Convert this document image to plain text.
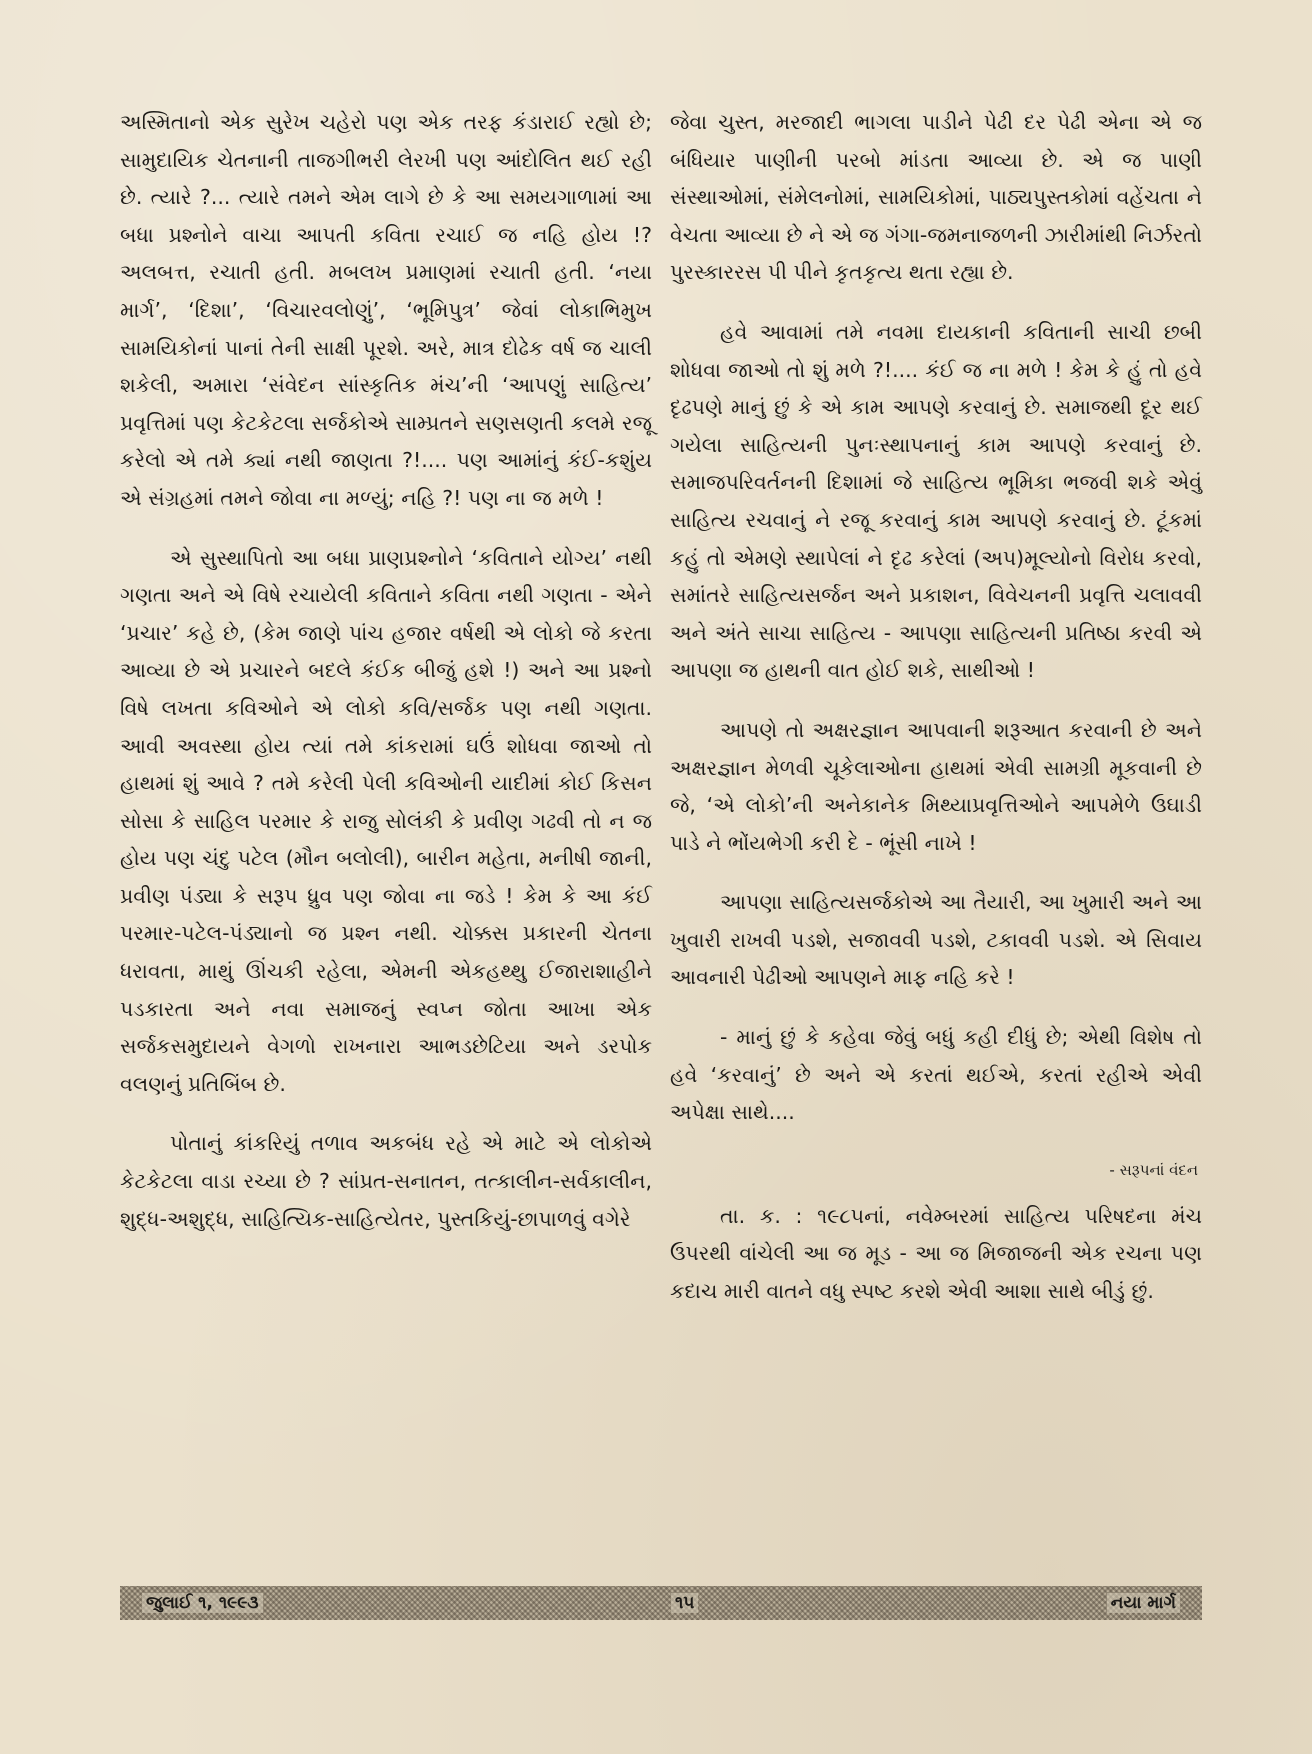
અસ્મિતાનો એક સુરેખ ચહેરો પણ એક તરફ કંડારાઈ રહ્યો છે; સામુદાયિક ચેતનાની તાજગીભરી લેરખી પણ આંદોલિત થઈ રહી છે. ત્યારે ?... ત્યારે તમને એમ લાગે છે કે આ સમયગાળામાં આ બધા પ્રશ્નોને વાચા આપતી કવિતા રચાઈ જ નહિ હોય !? અલબત્ત, રચાતી હતી. મબલખ પ્રમાણમાં રચાતી હતી. ‘નયા માર્ગ’, ‘દિશા’, ‘વિચારવલોણું’, ‘ભૂમિપુત્ર’ જેવાં લોકાભિમુખ સામયિકોનાં પાનાં તેની સાક્ષી પૂરશે. અરે, માત્ર દોઢેક વર્ષ જ ચાલી શકેલી, અમારા ‘સંવેદન સાંસ્કૃતિક મંચ’ની ‘આપણું સાહિત્ય’ પ્રવૃત્તિમાં પણ કેટકેટલા સર્જકોએ સામ્પ્રતને સણસણતી કલમે રજૂ કરેલો એ તમે ક્યાં નથી જાણતા ?!.... પણ આમાંનું કંઈ-કશુંય એ સંગ્રહમાં તમને જોવા ના મળ્યું; નહિ ?! પણ ના જ મળે !

એ સુસ્થાપિતો આ બધા પ્રાણપ્રશ્નોને ‘કવિતાને યોગ્ય’ નથી ગણતા અને એ વિષે રચાયેલી કવિતાને કવિતા નથી ગણતા - એને ‘પ્રચાર’ કહે છે, (કેમ જાણે પાંચ હજાર વર્ષથી એ લોકો જે કરતા આવ્યા છે એ પ્રચારને બદલે કંઈક બીજું હશે !) અને આ પ્રશ્નો વિષે લખતા કવિઓને એ લોકો કવિ/સર્જક પણ નથી ગણતા. આવી અવસ્થા હોય ત્યાં તમે કાંકરામાં ઘઉં શોધવા જાઓ તો હાથમાં શું આવે ? તમે કરેલી પેલી કવિઓની યાદીમાં કોઈ કિસન સોસા કે સાહિલ પરમાર કે રાજુ સોલંકી કે પ્રવીણ ગઢવી તો ન જ હોય પણ ચંદુ પટેલ (મૌન બલોલી), બારીન મહેતા, મનીષી જાની, પ્રવીણ પંડ્યા કે સરૂપ ધ્રુવ પણ જોવા ના જડે ! કેમ કે આ કંઈ પરમાર-પટેલ-પંડ્યાનો જ પ્રશ્ન નથી. ચોક્કસ પ્રકારની ચેતના ધરાવતા, માથું ઊંચકી રહેલા, એમની એકહથ્થુ ઈજારાશાહીને પડકારતા અને નવા સમાજનું સ્વપ્ન જોતા આખા એક સર્જકસમુદાયને વેગળો રાખનારા આભડછેટિયા અને ડરપોક વલણનું પ્રતિબિંબ છે.

પોતાનું કાંકરિયું તળાવ અકબંધ રહે એ માટે એ લોકોએ કેટકેટલા વાડા રચ્યા છે ? સાંપ્રત-સનાતન, તત્કાલીન-સર્વકાલીન, શુદ્ધ-અશુદ્ધ, સાહિત્યિક-સાહિત્યેતર, પુસ્તકિયું-છાપાળવું વગેરે

જેવા ચુસ્ત, મરજાદી ભાગલા પાડીને પેઢી દર પેઢી એના એ જ બંધિયાર પાણીની પરબો માંડતા આવ્યા છે. એ જ પાણી સંસ્થાઓમાં, સંમેલનોમાં, સામયિકોમાં, પાઠ્યપુસ્તકોમાં વહેંચતા ને વેચતા આવ્યા છે ને એ જ ગંગા-જમનાજળની ઝારીમાંથી નિર્ઝરતો પુરસ્કારરસ પી પીને કૃતકૃત્ય થતા રહ્યા છે.

હવે આવામાં તમે નવમા દાયકાની કવિતાની સાચી છબી શોધવા જાઓ તો શું મળે ?!.... કંઈ જ ના મળે ! કેમ કે હું તો હવે દૃઢપણે માનું છું કે એ કામ આપણે કરવાનું છે. સમાજથી દૂર થઈ ગયેલા સાહિત્યની પુનઃસ્થાપનાનું કામ આપણે કરવાનું છે. સમાજપરિવર્તનની દિશામાં જે સાહિત્ય ભૂમિકા ભજવી શકે એવું સાહિત્ય રચવાનું ને રજૂ કરવાનું કામ આપણે કરવાનું છે. ટૂંકમાં કહું તો એમણે સ્થાપેલાં ને દૃઢ કરેલાં (અપ)મૂલ્યોનો વિરોધ કરવો, સમાંતરે સાહિત્યસર્જન અને પ્રકાશન, વિવેચનની પ્રવૃત્તિ ચલાવવી અને અંતે સાચા સાહિત્ય - આપણા સાહિત્યની પ્રતિષ્ઠા કરવી એ આપણા જ હાથની વાત હોઈ શકે, સાથીઓ !

આપણે તો અક્ષરજ્ઞાન આપવાની શરૂઆત કરવાની છે અને અક્ષરજ્ઞાન મેળવી ચૂકેલાઓના હાથમાં એવી સામગ્રી મૂકવાની છે જે, ‘એ લોકો’ની અનેકાનેક મિથ્યાપ્રવૃત્તિઓને આપમેળે ઉઘાડી પાડે ને ભોંયભેગી કરી દે - ભૂંસી નાખે !

આપણા સાહિત્યસર્જકોએ આ તૈયારી, આ ખુમારી અને આ ખુવારી રાખવી પડશે, સજાવવી પડશે, ટકાવવી પડશે. એ સિવાય આવનારી પેઢીઓ આપણને માફ નહિ કરે !

- માનું છું કે કહેવા જેવું બધું કહી દીધું છે; એથી વિશેષ તો હવે ‘કરવાનું’ છે અને એ કરતાં થઈએ, કરતાં રહીએ એવી અપેક્ષા સાથે....

- સરૂપનાં વંદન

તા. ક. : ૧૯૮૫નાં, નવેમ્બરમાં સાહિત્ય પરિષદના મંચ ઉપરથી વાંચેલી આ જ મૂડ - આ જ મિજાજની એક રચના પણ કદાચ મારી વાતને વધુ સ્પષ્ટ કરશે એવી આશા સાથે બીડું છું.

જુલાઈ ૧, ૧૯૯૩	૧૫	નયા માર્ગ
